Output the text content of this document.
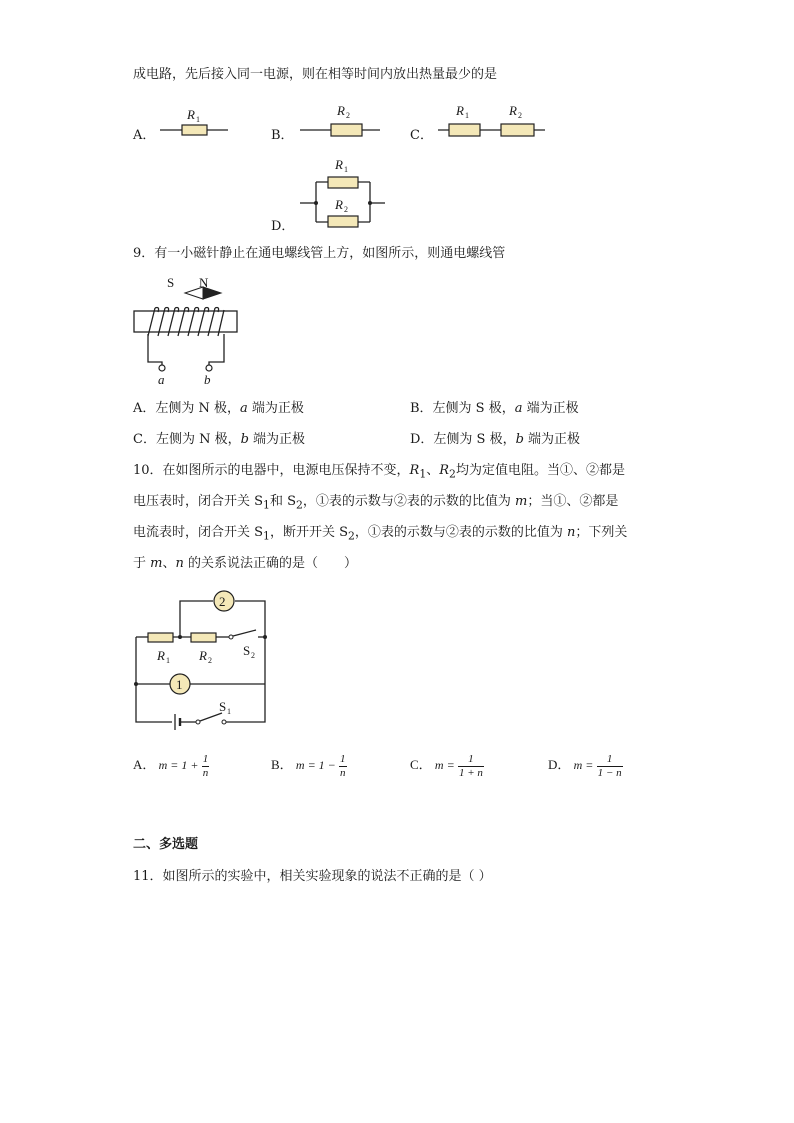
成电路，先后接入同一电源，则在相等时间内放出热量最少的是
A．	B．	C．
D．
R 1
R 2	R 1	R 2
R 1
R 2
S N
a	b
2
R 1 R 2
S 2
1
S 1
9．有一小磁针静止在通电螺线管上方，如图所示，则通电螺线管
A．左侧为 N 极，a 端为正极	B．左侧为 S 极，a 端为正极
C．左侧为 N 极，b 端为正极	D．左侧为 S 极，b 端为正极
10．在如图所示的电器中，电源电压保持不变，$R_1$、$R_2$均为定值电阻。当①、②都是
电压表时，闭合开关 $S_1$和 $S_2$，①表的示数与②表的示数的比值为 m；当①、②都是
电流表时，闭合开关 $S_1$，断开开关 $S_2$，①表的示数与②表的示数的比值为 n；下列关
于 m、n 的关系说法正确的是（　　）
A． $m = 1 + \frac{1}{n}$	B． $m = 1 - \frac{1}{n}$	C． $m = \frac{1}{1 + n}$	D． $m = \frac{1}{1 - n}$
二、多选题
11．如图所示的实验中，相关实验现象的说法不正确的是（ ）
